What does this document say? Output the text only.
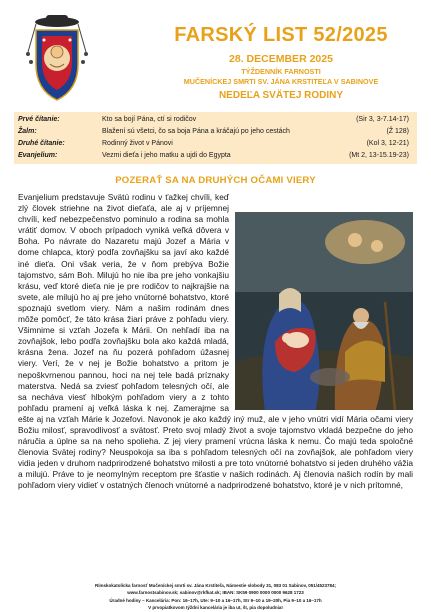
FARSKÝ LIST 52/2025
28. DECEMBER 2025
TÝŽDENNÍK FARNOSTI
MUČENÍCKEJ SMRTI SV. JÁNA KRSTITEĽA V SABINOVE
NEDEĽA SVÄTEJ RODINY
Prvé čítanie:	Kto sa bojí Pána, ctí si rodičov	(Sir 3, 3-7.14-17)
Žalm:	Blažení sú všetci, čo sa boja Pána a kráčajú po jeho cestách	(Ž 128)
Druhé čítanie:	Rodinný život v Pánovi	(Kol 3, 12-21)
Evanjelium:	Vezmi dieťa i jeho matku a ujdi do Egypta	(Mt 2, 13-15.19-23)
POZERAŤ SA NA DRUHÝCH OČAMI VIERY
Evanjelium predstavuje Svätú rodinu v ťažkej chvíli, keď zlý človek striehne na život dieťaťa, ale aj v príjemnej chvíli, keď nebezpečenstvo pominulo a rodina sa mohla vrátiť domov. V oboch prípadoch vyniká veľká dôvera v Boha. Po návrate do Nazaretu majú Jozef a Mária v dome chlapca, ktorý podľa zovňajšku sa javí ako každé iné dieťa. Oni však veria, že v ňom prebýva Božie tajomstvo, sám Boh. Milujú ho nie iba pre jeho vonkajšiu krásu, veď ktoré dieťa nie je pre rodičov to najkrajšie na svete, ale milujú ho aj pre jeho vnútorné bohatstvo, ktoré spoznajú svetlom viery. Nám a našim rodinám dnes môže pomôcť, že táto krása žiari práve z pohľadu viery. Všimnime si vzťah Jozefa k Márii. On nehľadí iba na zovňajšok, lebo podľa zovňajšku bola ako každá mladá, krásna žena. Jozef na ňu pozerá pohľadom úžasnej viery. Verí, že v nej je Božie bohatstvo a pritom je nepoškvrnenou pannou, hoci na nej tele badá príznaky materstva. Nedá sa zviesť pohľadom telesných očí, ale sa necháva viesť hlbokým pohľadom viery a z tohto pohľadu pramení aj veľká láska k nej. Zamerajme sa ešte aj na vzťah Márie k Jozefovi. Navonok je ako každý iný muž, ale v jeho vnútri vidí Mária očami viery Božiu milosť, spravodlivosť a svätosť. Preto svoj mladý život a svoje tajomstvo vkladá bezpečne do jeho náručia a úplne sa na neho spolieha. Z jej viery pramení vrúcna láska k nemu. Čo majú teda spoločné členovia Svätej rodiny? Neuspokoja sa iba s pohľadom telesných očí na zovňajšok, ale pohľadom viery vidia jeden v druhom nadprirodzené bohatstvo milosti a pre toto vnútorné bohatstvo si jeden druhého vážia a milujú. Práve to je neomylným receptom pre šťastie v našich rodinách. Aj členovia našich rodín by mali pohľadom viery vidieť v ostatných členoch vnútorné a nadprirodzené bohatstvo, ktoré je v nich prítomné,
Rímskokatolícka farnosť Mučeníckej smrti sv. Jána Krstiteľa, Námestie slobody 31, 083 01 Sabinov, 051/4523784;
www.farnostsabinov.sk; sabinov@rkfkat.sk; IBAN: SK59 0900 0000 0000 9628 1723
Úradné hodiny – Kancelária: Pon: 16–17h, Ute: 9–10 a 16–17h, Str 9–10 a 19–20h, Pia 9–10 a 16–17h
V prvopiatkovom týždni kancelária je iba ut, št, pia dopoludnia!
